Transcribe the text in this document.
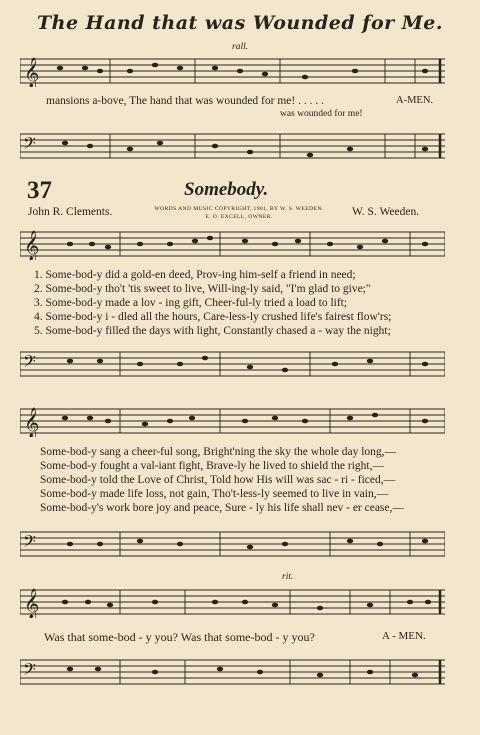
The Hand that was Wounded for Me.
𝄞
rall.
mansions a-bove, The hand that was wounded for me! . . . . .	A-MEN.
was wounded for me!
𝄢
37	Somebody.
John R. Clements.	WORDS AND MUSIC COPYRIGHT, 1901, BY W. S. WEEDEN.
E. O. EXCELL, OWNER.	W. S. Weeden.
𝄞
1. Some-bod-y did a gold-en deed, Prov-ing him-self a friend in need;
2. Some-bod-y tho't 'tis sweet to live, Will-ing-ly said, "I'm glad to give;"
3. Some-bod-y made a lov - ing gift, Cheer-ful-ly tried a load to lift;
4. Some-bod-y i - dled all the hours, Care-less-ly crushed life's fairest flow'rs;
5. Some-bod-y filled the days with light, Constantly chased a - way the night;
𝄢
𝄞
Some-bod-y sang a cheer-ful song, Bright'ning the sky the whole day long,—
Some-bod-y fought a val-iant fight, Brave-ly he lived to shield the right,—
Some-bod-y told the Love of Christ, Told how His will was sac - ri - ficed,—
Some-bod-y made life loss, not gain, Tho't-less-ly seemed to live in vain,—
Some-bod-y's work bore joy and peace, Sure - ly his life shall nev - er cease,—
𝄢
rit.
𝄞
Was that some-bod - y you? Was that some-bod - y you?	A - MEN.
𝄢
